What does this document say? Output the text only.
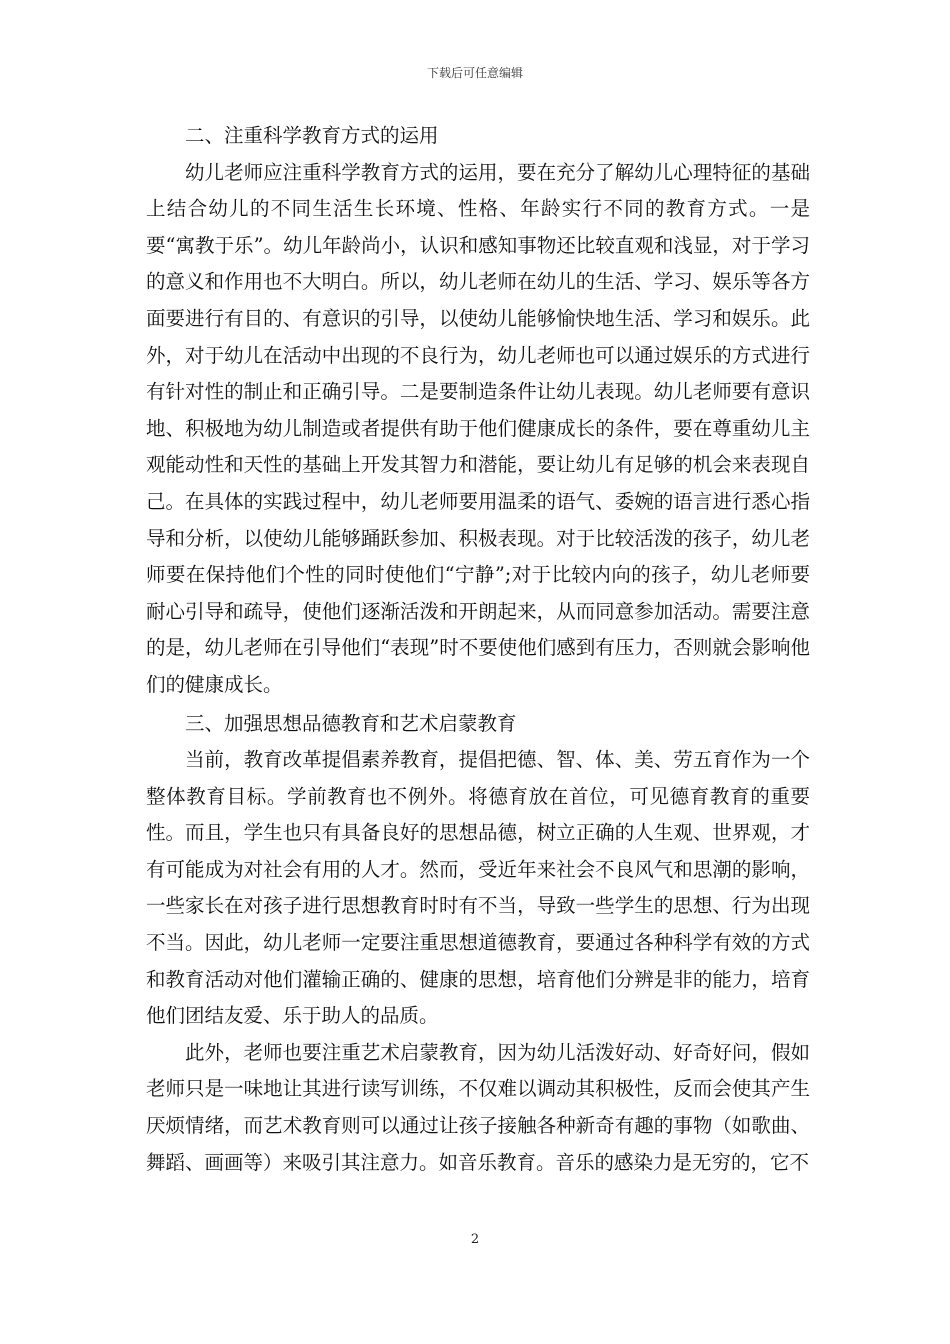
下载后可任意编辑

二、注重科学教育方式的运用

幼儿老师应注重科学教育方式的运用，要在充分了解幼儿心理特征的基础上结合幼儿的不同生活生长环境、性格、年龄实行不同的教育方式。一是要“寓教于乐”。幼儿年龄尚小，认识和感知事物还比较直观和浅显，对于学习的意义和作用也不大明白。所以，幼儿老师在幼儿的生活、学习、娱乐等各方面要进行有目的、有意识的引导，以使幼儿能够愉快地生活、学习和娱乐。此外，对于幼儿在活动中出现的不良行为，幼儿老师也可以通过娱乐的方式进行有针对性的制止和正确引导。二是要制造条件让幼儿表现。幼儿老师要有意识地、积极地为幼儿制造或者提供有助于他们健康成长的条件，要在尊重幼儿主观能动性和天性的基础上开发其智力和潜能，要让幼儿有足够的机会来表现自己。在具体的实践过程中，幼儿老师要用温柔的语气、委婉的语言进行悉心指导和分析，以使幼儿能够踊跃参加、积极表现。对于比较活泼的孩子，幼儿老师要在保持他们个性的同时使他们“宁静”;对于比较内向的孩子，幼儿老师要耐心引导和疏导，使他们逐渐活泼和开朗起来，从而同意参加活动。需要注意的是，幼儿老师在引导他们“表现”时不要使他们感到有压力，否则就会影响他们的健康成长。

三、加强思想品德教育和艺术启蒙教育

当前，教育改革提倡素养教育，提倡把德、智、体、美、劳五育作为一个整体教育目标。学前教育也不例外。将德育放在首位，可见德育教育的重要性。而且，学生也只有具备良好的思想品德，树立正确的人生观、世界观，才有可能成为对社会有用的人才。然而，受近年来社会不良风气和思潮的影响，一些家长在对孩子进行思想教育时时有不当，导致一些学生的思想、行为出现不当。因此，幼儿老师一定要注重思想道德教育，要通过各种科学有效的方式和教育活动对他们灌输正确的、健康的思想，培育他们分辨是非的能力，培育他们团结友爱、乐于助人的品质。

此外，老师也要注重艺术启蒙教育，因为幼儿活泼好动、好奇好问，假如老师只是一味地让其进行读写训练，不仅难以调动其积极性，反而会使其产生厌烦情绪，而艺术教育则可以通过让孩子接触各种新奇有趣的事物（如歌曲、舞蹈、画画等）来吸引其注意力。如音乐教育。音乐的感染力是无穷的，它不

2
